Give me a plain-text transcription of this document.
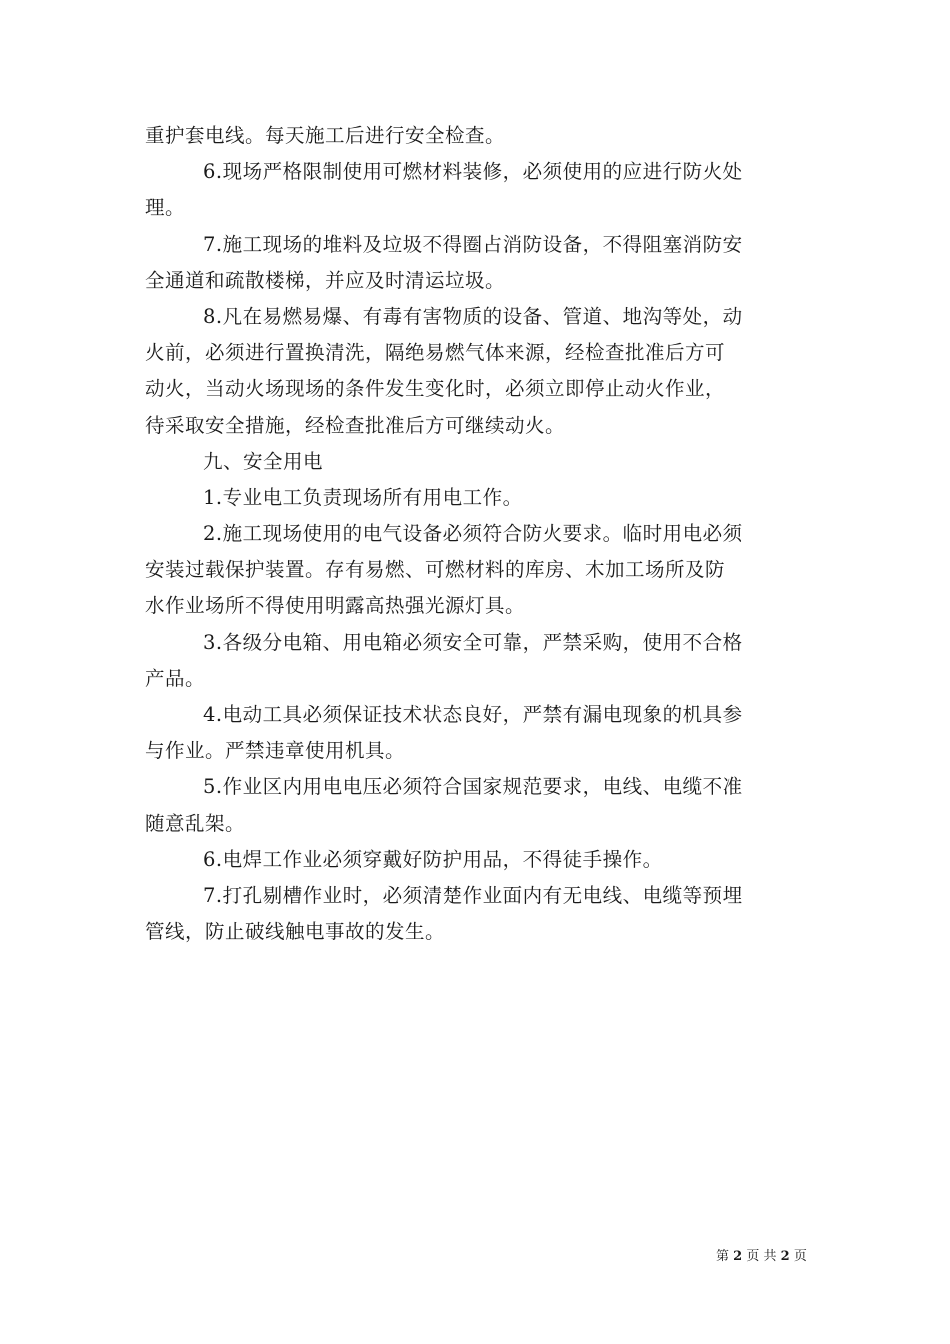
重护套电线。每天施工后进行安全检查。
6.现场严格限制使用可燃材料装修，必须使用的应进行防火处
理。
7.施工现场的堆料及垃圾不得圈占消防设备，不得阻塞消防安
全通道和疏散楼梯，并应及时清运垃圾。
8.凡在易燃易爆、有毒有害物质的设备、管道、地沟等处，动
火前，必须进行置换清洗，隔绝易燃气体来源，经检查批准后方可
动火，当动火场现场的条件发生变化时，必须立即停止动火作业，
待采取安全措施，经检查批准后方可继续动火。
九、安全用电
1.专业电工负责现场所有用电工作。
2.施工现场使用的电气设备必须符合防火要求。临时用电必须
安装过载保护装置。存有易燃、可燃材料的库房、木加工场所及防
水作业场所不得使用明露高热强光源灯具。
3.各级分电箱、用电箱必须安全可靠，严禁采购，使用不合格
产品。
4.电动工具必须保证技术状态良好，严禁有漏电现象的机具参
与作业。严禁违章使用机具。
5.作业区内用电电压必须符合国家规范要求，电线、电缆不准
随意乱架。
6.电焊工作业必须穿戴好防护用品，不得徒手操作。
7.打孔剔槽作业时，必须清楚作业面内有无电线、电缆等预埋
管线，防止破线触电事故的发生。
第 2 页 共 2 页
